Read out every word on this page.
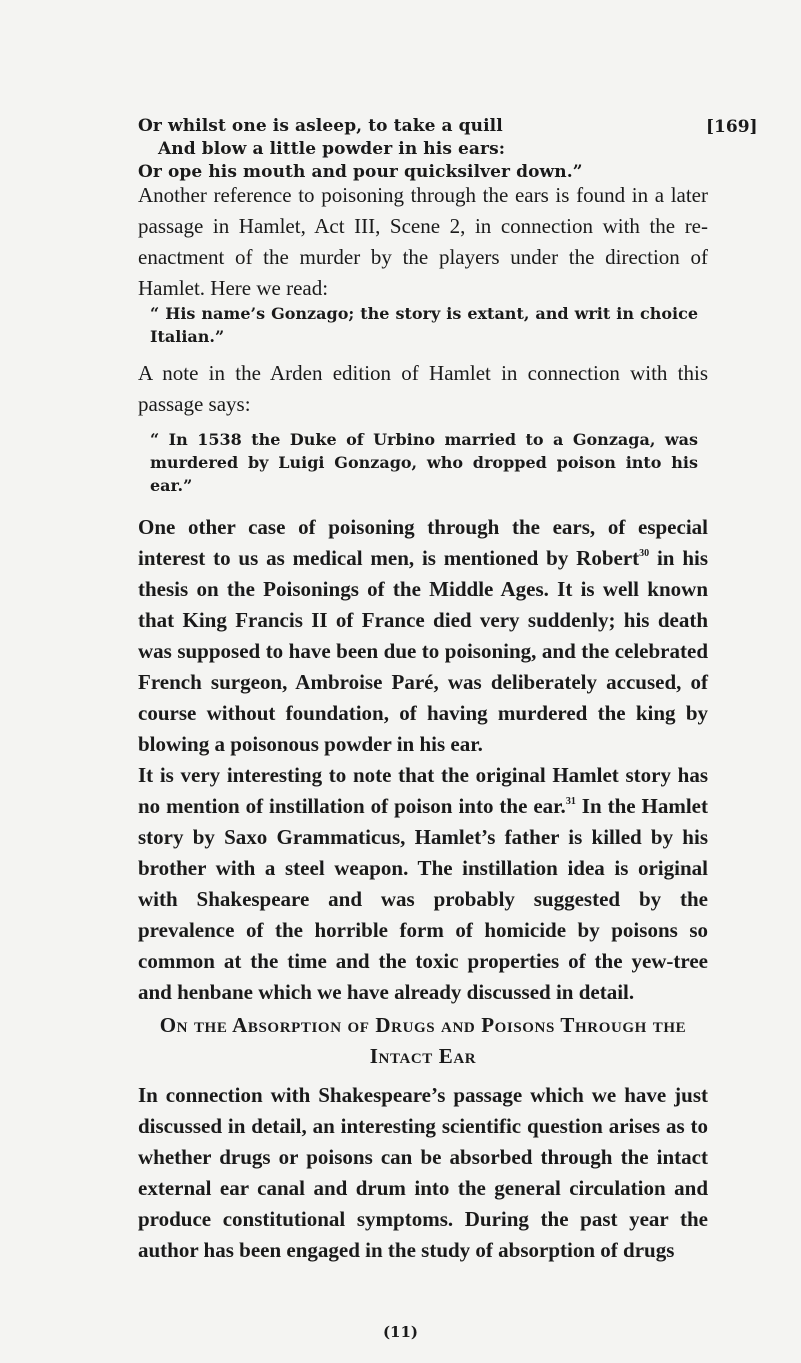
Or whilst one is asleep, to take a quill
And blow a little powder in his ears:
Or ope his mouth and pour quicksilver down.”
[169]
Another reference to poisoning through the ears is found in a later passage in Hamlet, Act III, Scene 2, in connection with the re-enactment of the murder by the players under the direction of Hamlet. Here we read:
“ His name’s Gonzago; the story is extant, and writ in choice Italian.”
A note in the Arden edition of Hamlet in connection with this passage says:
“ In 1538 the Duke of Urbino married to a Gonzaga, was murdered by Luigi Gonzago, who dropped poison into his ear.”
One other case of poisoning through the ears, of especial interest to us as medical men, is mentioned by Robert$^{30}$ in his thesis on the Poisonings of the Middle Ages. It is well known that King Francis II of France died very suddenly; his death was supposed to have been due to poisoning, and the celebrated French surgeon, Ambroise Paré, was deliberately accused, of course without foundation, of having murdered the king by blowing a poisonous powder in his ear.
It is very interesting to note that the original Hamlet story has no mention of instillation of poison into the ear.$^{31}$ In the Hamlet story by Saxo Grammaticus, Hamlet’s father is killed by his brother with a steel weapon. The instillation idea is original with Shakespeare and was probably suggested by the prevalence of the horrible form of homicide by poisons so common at the time and the toxic properties of the yew-tree and henbane which we have already discussed in detail.
On the Absorption of Drugs and Poisons Through the
Intact Ear
In connection with Shakespeare’s passage which we have just discussed in detail, an interesting scientific question arises as to whether drugs or poisons can be absorbed through the intact external ear canal and drum into the general circulation and produce constitutional symptoms. During the past year the author has been engaged in the study of absorption of drugs
(11)
